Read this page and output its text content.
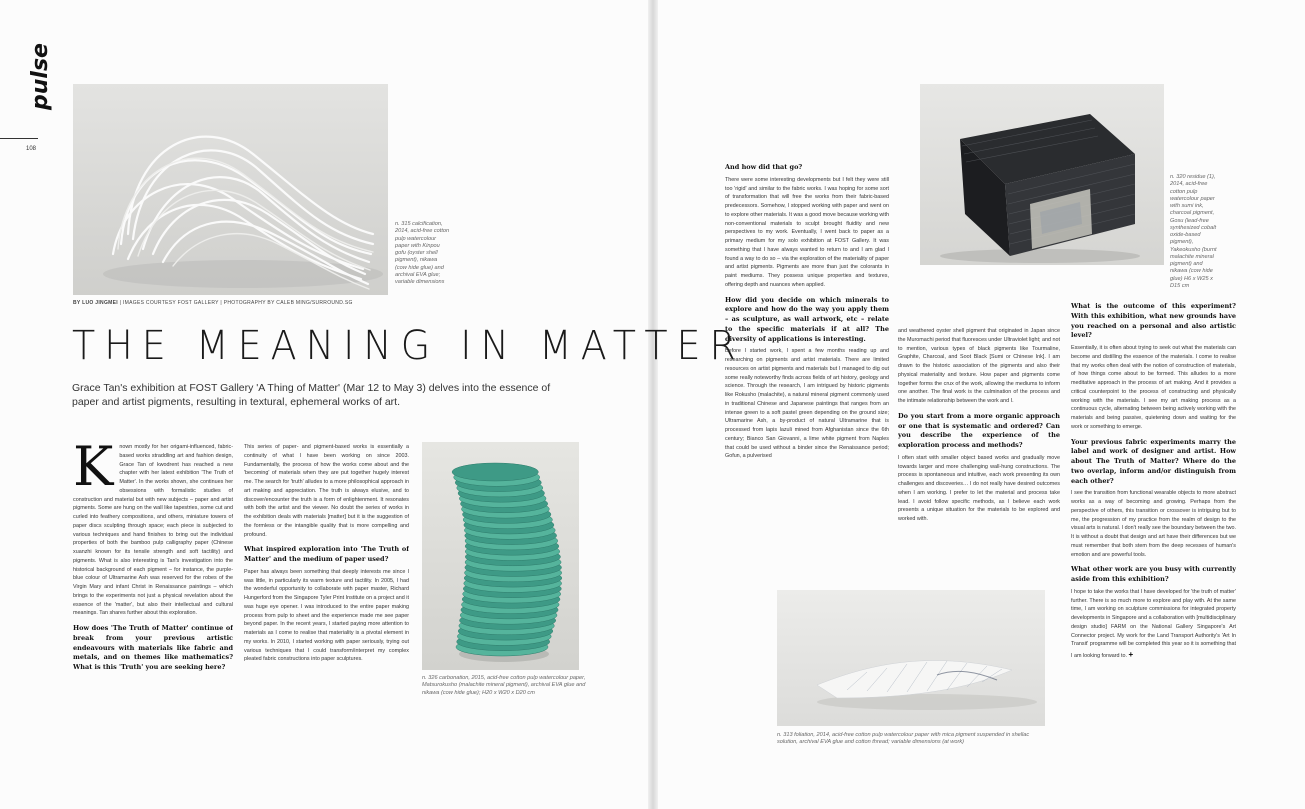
pulse
108
n. 315 calcification, 2014, acid-free cotton pulp watercolour paper with Kinpou gofu (oyster shell pigment), nikawa (cow hide glue) and archival EVA glue; variable dimensions
BY LUO JINGMEI | IMAGES COURTESY FOST GALLERY | PHOTOGRAPHY BY CALEB MING/SURROUND.SG
THE MEANING IN MATTER
Grace Tan's exhibition at FOST Gallery 'A Thing of Matter' (Mar 12 to May 3) delves into the essence of paper and artist pigments, resulting in textural, ephemeral works of art.
K	nown mostly for her origami-influenced, fabric-based works straddling art and fashion design, Grace Tan of kwodrent has reached a new chapter with her latest exhibition 'The Truth of Matter'. In the works shown, she continues her obsessions with formalistic studies of construction and material but with new subjects – paper and artist pigments. Some are hung on the wall like tapestries, some cut and curled into feathery compositions, and others, miniature towers of paper discs sculpting through space; each piece is subjected to various techniques and hand finishes to bring out the individual properties of both the bamboo pulp calligraphy paper (Chinese xuanzhi known for its tensile strength and soft tactility) and pigments. What is also interesting is Tan's investigation into the historical background of each pigment – for instance, the purple-blue colour of Ultramarine Ash was reserved for the robes of the Virgin Mary and infant Christ in Renaissance paintings – which brings to the experiments not just a physical revelation about the essence of the 'matter', but also their intellectual and cultural meanings. Tan shares further about this exploration.

How does 'The Truth of Matter' continue of break from your previous artistic endeavours with materials like fabric and metals, and on themes like mathematics? What is this 'Truth' you are seeking here?

This series of paper- and pigment-based works is essentially a continuity of what I have been working on since 2003. Fundamentally, the process of how the works come about and the 'becoming' of materials when they are put together hugely interest me. The search for 'truth' alludes to a more philosophical approach in art making and appreciation. The truth is always elusive, and to discover/encounter the truth is a form of enlightenment. It resonates with both the artist and the viewer. No doubt the series of works in the exhibition deals with materials [matter] but it is the suggestion of the formless or the intangible quality that is more compelling and profound.

What inspired exploration into 'The Truth of Matter' and the medium of paper used?

Paper has always been something that deeply interests me since I was little, in particularly its warm texture and tactility. In 2005, I had the wonderful opportunity to collaborate with paper master, Richard Hungerford from the Singapore Tyler Print Institute on a project and it was huge eye opener. I was introduced to the entire paper making process from pulp to sheet and the experience made me see paper beyond paper. In the recent years, I started paying more attention to materials as I come to realise that materiality is a pivotal element in my works. In 2010, I started working with paper seriously, trying out various techniques that I could transform/interpret my complex pleated fabric constructions into paper sculptures.

n. 326 carbonation, 2015, acid-free cotton pulp watercolour paper, Matsurokusho (malachite mineral pigment), archival EVA glue and nikawa (cow hide glue); H20 x W20 x D20 cm
n. 320 residue (1), 2014, acid-free cotton pulp watercolour paper with sumi ink, charcoal pigment, Gosu (lead-free synthesized cobalt oxide-based pigment), Yakeokusho (burnt malachite mineral pigment) and nikawa (cow hide glue) H6 x W25 x D15 cm
And how did that go?

There were some interesting developments but I felt they were still too 'rigid' and similar to the fabric works. I was hoping for some sort of transformation that will free the works from their fabric-based predecessors. Somehow, I stopped working with paper and went on to explore other materials. It was a good move because working with non-conventional materials to sculpt brought fluidity and new perspectives to my work. Eventually, I went back to paper as a primary medium for my solo exhibition at FOST Gallery. It was something that I have always wanted to return to and I am glad I found a way to do so – via the exploration of the materiality of paper and artist pigments. Pigments are more than just the colorants in paint mediums. They possess unique properties and textures, offering depth and nuances when applied.

How did you decide on which minerals to explore and how do the way you apply them – as sculpture, as wall artwork, etc – relate to the specific materials if at all? The diversity of applications is interesting.

Before I started work, I spent a few months reading up and researching on pigments and artist materials. There are limited resources on artist pigments and materials but I managed to dig out some really noteworthy finds across fields of art history, geology and science. Through the research, I am intrigued by historic pigments like Rokusho (malachite), a natural mineral pigment commonly used in traditional Chinese and Japanese paintings that ranges from an intense green to a soft pastel green depending on the ground size; Ultramarine Ash, a by-product of natural Ultramarine that is processed from lapis lazuli mined from Afghanistan since the 6th century; Bianco San Giovanni, a lime white pigment from Naples that could be used without a binder since the Renaissance period; Gofun, a pulverised

and weathered oyster shell pigment that originated in Japan since the Muromachi period that fluoresces under Ultraviolet light; and not to mention, various types of black pigments like Tourmaline, Graphite, Charcoal, and Soot Black [Sumi or Chinese Ink]. I am drawn to the historic association of the pigments and also their physical materiality and texture. How paper and pigments come together forms the crux of the work, allowing the mediums to inform one another. The final work is the culmination of the process and the intimate relationship between the work and I.

Do you start from a more organic approach or one that is systematic and ordered? Can you describe the experience of the exploration process and methods?

I often start with smaller object based works and gradually move towards larger and more challenging wall-hung constructions. The process is spontaneous and intuitive, each work presenting its own challenges and discoveries… I do not really have desired outcomes when I am working. I prefer to let the material and process take lead. I avoid follow specific methods, as I believe each work presents a unique situation for the materials to be explored and worked with.

What is the outcome of this experiment? With this exhibition, what new grounds have you reached on a personal and also artistic level?

Essentially, it is often about trying to seek out what the materials can become and distilling the essence of the materials. I come to realise that my works often deal with the notion of construction of materials, of how things come about to be formed. This alludes to a more meditative approach in the process of art making. And it provides a critical counterpoint to the process of constructing and physically working with the materials. I see my art making process as a continuous cycle, alternating between being actively working with the materials and being passive, quietening down and waiting for the work or something to emerge.

Your previous fabric experiments marry the label and work of designer and artist. How about The Truth of Matter? Where do the two overlap, inform and/or distinguish from each other?

I see the transition from functional wearable objects to more abstract works as a way of becoming and growing. Perhaps from the perspective of others, this transition or crossover is intriguing but to me, the progression of my practice from the realm of design to the visual arts is natural. I don't really see the boundary between the two. It is without a doubt that design and art have their differences but we must remember that both stem from the deep recesses of human's emotion and are powerful tools.

What other work are you busy with currently aside from this exhibition?

I hope to take the works that I have developed for 'the truth of matter' further. There is so much more to explore and play with. At the same time, I am working on sculpture commissions for integrated property developments in Singapore and a collaboration with [multidisciplinary design studio] FARM on the National Gallery Singapore's Art Connector project. My work for the Land Transport Authority's 'Art In Transit' programme will be completed this year so it is something that I am looking forward to. +

n. 313 foliation, 2014, acid-free cotton pulp watercolour paper with mica pigment suspended in shellac solution, archival EVA glue and cotton thread; variable dimensions (at work)
